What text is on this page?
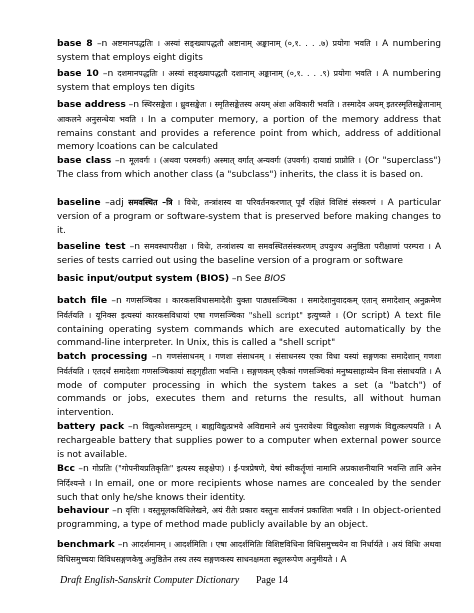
base 8 –n अष्टमानपद्धतिः । अस्यां सङ्ख्यापद्धतौ अष्टानाम् अङ्कानाम् (०,१. . . .७) प्रयोगः भवति । A numbering system that employs eight digits
base 10 –n दशमानपद्धतिः । अस्यां सङ्ख्यापद्धतौ दशानाम् अङ्कानाम् (०,१. . . .९) प्रयोगः भवति । A numbering system that employs ten digits
base address –n स्थिरसङ्केतः । ध्रुवसङ्केतः । स्मृतिसङ्केतस्य अयम् अंशः अविकारी भवति । तस्मादेव अयम् इतरस्मृतिसङ्केतानाम् आकलने अनुसन्धेयः भवति । In a computer memory, a portion of the memory address that remains constant and provides a reference point from which, address of additional memory lcoations can be calculated
base class –n मूलवर्गः । (अथवा परमवर्गः) अस्मात् वर्गात् अन्यवर्गः (उपवर्गः) दायाद्यं प्राप्नोति । (Or "superclass") The class from which another class (a "subclass") inherits, the class it is based on.
baseline –adj समवस्थित –त्रि । विधेः, तन्त्रांशस्य वा परिवर्तनकरणात् पूर्वं रक्षितं विशिष्टं संस्करणं । A particular version of a program or software-system that is preserved before making changes to it.
baseline test –n समवस्थापरीक्षा । विधेः, तन्त्रांशस्य वा समवस्थितसंस्करणम् उपयुज्य अनुष्ठिता परीक्षाणां परम्परा । A series of tests carried out using the baseline version of a program or software
basic input/output system (BIOS) –n See BIOS
batch file –n गणसञ्चिका । कारकसविधासमादेशैः युक्ता पाठ्यसञ्चिका । समादेशानुवादकम् एतान् समादेशान् अनुक्रमेण निर्वर्तयति । यूनिक्स इत्यस्यां कारकसविधायां एषा गणसञ्चिका "shell script" इत्युच्यते । (Or script) A text file containing operating system commands which are executed automatically by the command-line interpreter. In Unix, this is called a "shell script"
batch processing –n गणसंसाधनम् । गणशः संसाधनम् । संसाधनस्य एका विधा यस्यां सङ्गणकः समादेशान् गणशः निर्वर्तयति । एतदर्थं समादेशाः गणसञ्चिकायां सङ्गृहीताः भवन्ति । सङ्गणकम् एकैकां गणसञ्चिकां मनुष्यसाहाय्येन विना संसाधयति । A mode of computer processing in which the system takes a set (a "batch") of commands or jobs, executes them and returns the results, all without human intervention.
battery pack –n विद्युत्कोशसम्पुटम् । बाह्यविद्युत्प्रभवे अविद्यमाने अयं पुनरावेश्यः विद्युत्कोशः सङ्गणकं विद्युत्कल्पयति । A rechargeable battery that supplies power to a computer when external power source is not available.
Bcc –n गोप्रतिः ("गोपनीयप्रतिकृतिः" इत्यस्य सङ्क्षेपः) । ई-पत्रप्रेषणे, येषां स्वीकर्तॄणां नामानि अप्रकाशनीयानि भवन्ति तानि अनेन निर्दिश्यन्ते । In email, one or more recipients whose names are concealed by the sender such that only he/she knows their identity.
behaviour –n वृत्तिः । वस्तुमूलकविधिलेखने, अयं रीतेः प्रकारः वस्तुनः सार्वजनं प्रकाशितः भवति । In object-oriented programming, a type of method made publicly available by an object.
benchmark –n आदर्शमानम् । आदर्शमितिः । एषा आदर्शमितिः विशिष्टविधिना विधिसमुच्चयेन वा निर्धार्यते । अयं विधिः अथवा विधिसमुच्चयः विविधसङ्गणकेषु अनुष्ठितेन तस्य तस्य सङ्गणकस्य साधनक्षमता स्थूलरूपेण अनुमीयते । A
Draft English-Sanskrit Computer Dictionary	Page 14
